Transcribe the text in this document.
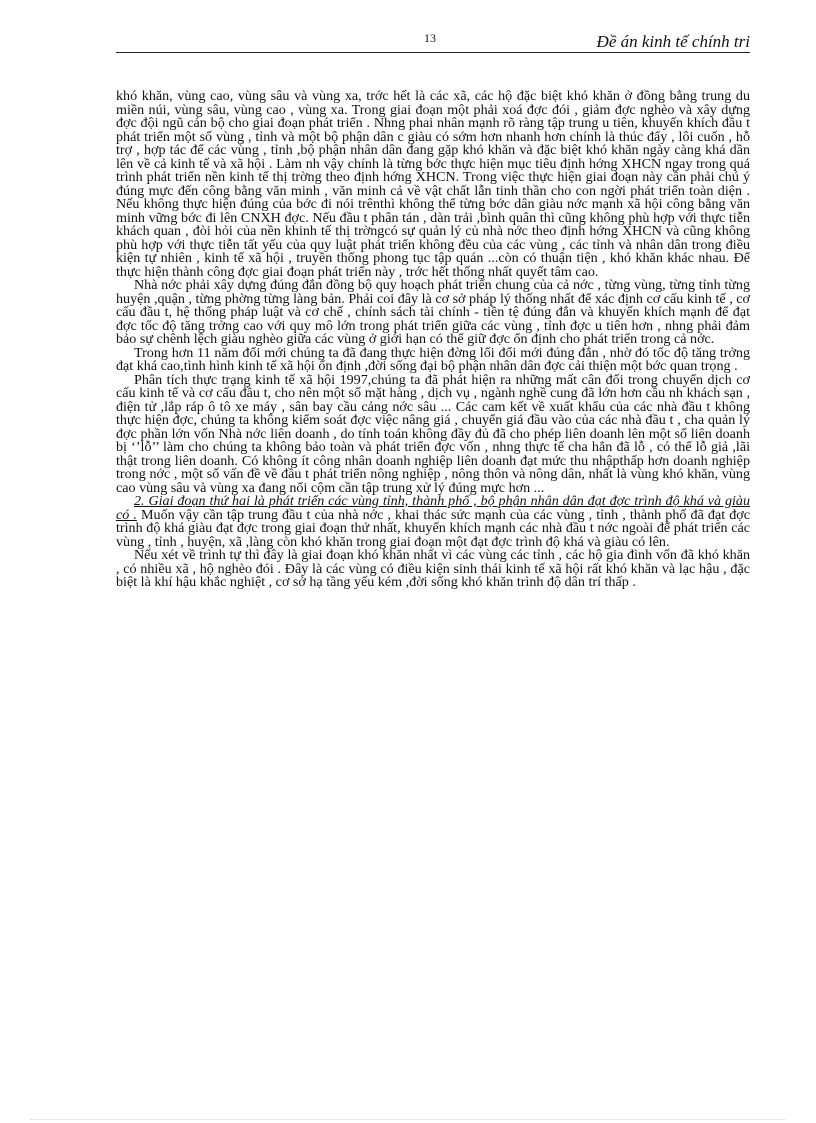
13	Đề án kinh tế chính tri

khó khăn, vùng cao, vùng sâu và vùng xa, trớc hết là các xã, các hộ đặc biệt khó khăn ở đồng bằng trung du miền núi, vùng sâu, vùng cao , vùng xa. Trong giai đoạn một phải xoá đợc đói , giảm đợc nghèo và xây dựng đợc đội ngũ cán bộ cho giai đoạn phát triển . Nhng phai nhân mạnh rõ ràng tập trung u tiên, khuyến khích đầu t phát triển một số vùng , tỉnh và một bộ phận dân c giàu có sớm hơn nhanh hơn chính là thúc đẩy , lôi cuốn , hỗ trợ , hợp tác để các vùng , tỉnh ,bộ phận nhân dân đang gặp khó khăn và đặc biệt khó khăn ngày càng khá dần lên về cả kinh tế và xã hội . Làm nh vậy chính là từng bớc thực hiện mục tiêu định hớng XHCN ngay trong quá trình phát triển nền kinh tế thị trờng theo định hớng XHCN. Trong việc thực hiện giai đoạn này cần phải chú ý đúng mực đến công bằng văn minh , văn minh cả về vật chất lẫn tinh thần cho con ngời phát triển toàn diện . Nếu không thực hiện đúng của bớc đi nói trênthì không thể từng bớc dân giàu nớc mạnh xã hội công bằng văn minh vững bớc đi lên CNXH đợc. Nếu đầu t phân tán , dàn trải ,bình quân thì cũng không phù hợp với thực tiễn khách quan , đòi hỏi của nền khinh tế thị trờngcó sự quản lý củ nhà nớc theo định hớng XHCN và cũng không phù hợp với thực tiễn tất yếu của quy luật phát triển không đều của các vùng , các tỉnh và nhân dân trong điều kiện tự nhiên , kinh tế xã hội , truyền thống phong tục tập quán ...còn có thuận tiện , khó khăn khác nhau. Để thực hiện thành công đợc giai đoạn phát triển này , trớc hết thống nhất quyết tâm cao.

Nhà nớc phải xây dựng đúng đắn đồng bộ quy hoạch phát triển chung của cả nớc , từng vùng, từng tỉnh từng huyện ,quận , từng phờng từng làng bản. Phải coi đây là cơ sở pháp lý thống nhất để xác định cơ cấu kinh tế , cơ cấu đầu t, hệ thống pháp luật và cơ chế , chính sách tài chính - tiền tệ đúng đắn và khuyến khích mạnh để đạt đợc tốc độ tăng trởng cao với quy mô lớn trong phát triển giữa các vùng , tỉnh đợc u tiên hơn , nhng phải đảm bảo sự chênh lệch giàu nghèo giữa các vùng ở giới hạn có thể giữ đợc ổn định cho phát triển trong cả nớc.

Trong hơn 11 năm đổi mới chúng ta đã đang thực hiện đờng lối đổi mới đúng đắn , nhờ đó tốc độ tăng trởng đạt khá cao,tình hình kinh tế xã hội ổn định ,đời sống đại bộ phận nhân dân đợc cải thiện một bớc quan trọng .

Phân tích thực trạng kinh tế xã hội 1997,chúng ta đã phát hiện ra những mất cân đối trong chuyển dịch cơ cấu kinh tế và cơ cấu đầu t, cho nên một số mặt hàng , dịch vụ , ngành nghề cung đã lớn hơn cầu nh khách sạn , điện tử ,lắp ráp ô tô xe máy , sân bay cầu cảng nớc sâu ... Các cam kết về xuất khẩu của các nhà đầu t không thực hiện đợc, chúng ta không kiểm soát đợc việc nâng giá , chuyển giá đầu vào của các nhà đầu t , cha quản lý đợc phần lớn vốn Nhà nớc liên doanh , do tính toán không đầy đủ đã cho phép liên doanh lên một số liên doanh bị ‘’lỗ’’ làm cho chúng ta không bảo toàn và phát triển đợc vốn , nhng thực tế cha hẳn đã lỗ , có thể lỗ giả ,lãi thật trong liên doanh. Có không ít công nhân doanh nghiệp liên doanh đạt mức thu nhậpthấp hơn doanh nghiệp trong nớc , một số vấn đề về đầu t phát triển nông nghiệp , nông thôn và nông dân, nhất là vùng khó khăn, vùng cao vùng sâu và vùng xa đang nổi cộm cần tập trung xử lý đúng mực hơn ...

2. Giai đoạn thứ hai là phát triển các vùng tỉnh, thành phố , bộ phận nhân dân đạt đợc trình độ khá và giàu có . Muốn vậy cần tập trung đầu t của nhà nớc , khai thác sức mạnh của các vùng , tỉnh , thành phố đã đạt đợc trình độ khá giàu đạt đợc trong giai đoạn thứ nhất, khuyến khích mạnh các nhà đầu t nớc ngoài để phát triển các vùng , tỉnh , huyện, xã ,làng còn khó khăn trong giai đoạn một đạt đợc trình độ khá và giàu có lên.

Nếu xét về trình tự thì đây là giai đoạn khó khăn nhất vì các vùng các tỉnh , các hộ gia đình vốn đã khó khăn , có nhiều xã , hộ nghèo đói . Đây là các vùng có điều kiện sinh thái kinh tế xã hội rất khó khăn và lạc hậu , đặc biệt là khí hậu khắc nghiệt , cơ sở hạ tầng yếu kém ,đời sống khó khăn trình độ dân trí thấp .
